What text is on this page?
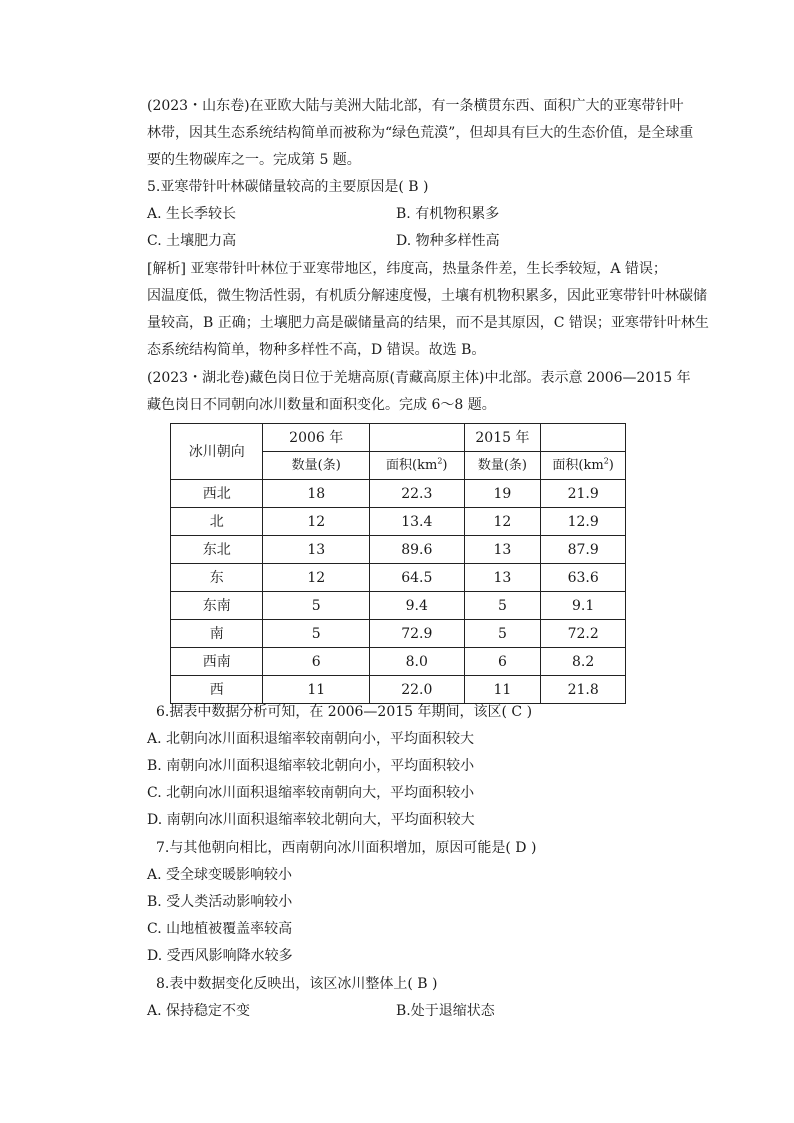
(2023・山东卷)在亚欧大陆与美洲大陆北部，有一条横贯东西、面积广大的亚寒带针叶
林带，因其生态系统结构简单而被称为“绿色荒漠”，但却具有巨大的生态价值，是全球重
要的生物碳库之一。完成第 5 题。
5.亚寒带针叶林碳储量较高的主要原因是( B )
A. 生长季较长	B. 有机物积累多
C. 土壤肥力高	D. 物种多样性高
[解析] 亚寒带针叶林位于亚寒带地区，纬度高，热量条件差，生长季较短，A 错误；
因温度低，微生物活性弱，有机质分解速度慢，土壤有机物积累多，因此亚寒带针叶林碳储
量较高，B 正确；土壤肥力高是碳储量高的结果，而不是其原因，C 错误；亚寒带针叶林生
态系统结构简单，物种多样性不高，D 错误。故选 B。
(2023・湖北卷)藏色岗日位于羌塘高原(青藏高原主体)中北部。表示意 2006—2015 年
藏色岗日不同朝向冰川数量和面积变化。完成 6～8 题。
冰川朝向	2006 年		2015 年	
	数量(条)	面积$(km^2)$	数量(条)	面积$(km^2)$
西北	18	22.3	19	21.9
北	12	13.4	12	12.9
东北	13	89.6	13	87.9
东	12	64.5	13	63.6
东南	5	9.4	5	9.1
南	5	72.9	5	72.2
西南	6	8.0	6	8.2
西	11	22.0	11	21.8
6.据表中数据分析可知，在 2006—2015 年期间，该区( C )
A. 北朝向冰川面积退缩率较南朝向小，平均面积较大
B. 南朝向冰川面积退缩率较北朝向小，平均面积较小
C. 北朝向冰川面积退缩率较南朝向大，平均面积较小
D. 南朝向冰川面积退缩率较北朝向大，平均面积较大
7.与其他朝向相比，西南朝向冰川面积增加，原因可能是( D )
A. 受全球变暖影响较小
B. 受人类活动影响较小
C. 山地植被覆盖率较高
D. 受西风影响降水较多
8.表中数据变化反映出，该区冰川整体上( B )
A. 保持稳定不变	B.处于退缩状态
